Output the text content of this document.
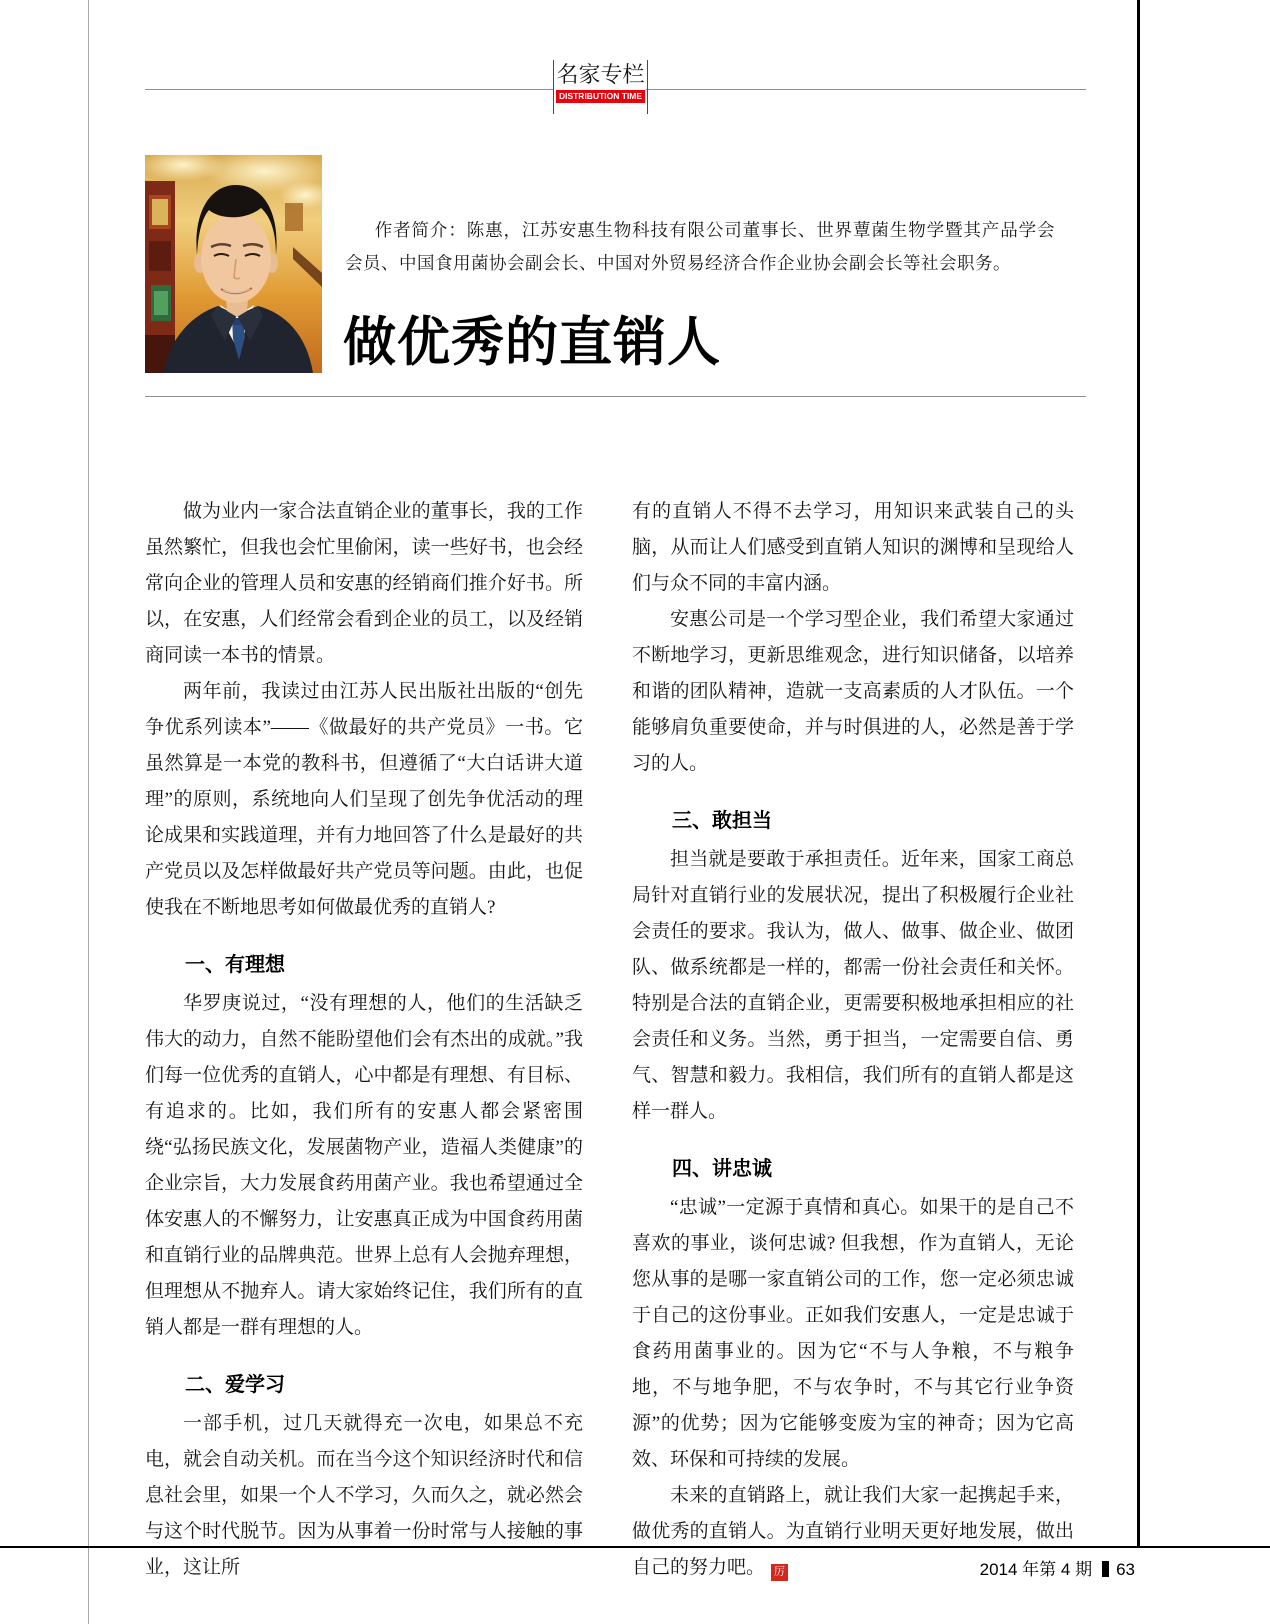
名家专栏
DISTRIBUTION TIME

作者简介：陈惠，江苏安惠生物科技有限公司董事长、世界蕈菌生物学暨其产品学会会员、中国食用菌协会副会长、中国对外贸易经济合作企业协会副会长等社会职务。

做优秀的直销人

做为业内一家合法直销企业的董事长，我的工作虽然繁忙，但我也会忙里偷闲，读一些好书，也会经常向企业的管理人员和安惠的经销商们推介好书。所以，在安惠，人们经常会看到企业的员工，以及经销商同读一本书的情景。

两年前，我读过由江苏人民出版社出版的“创先争优系列读本”——《做最好的共产党员》一书。它虽然算是一本党的教科书，但遵循了“大白话讲大道理”的原则，系统地向人们呈现了创先争优活动的理论成果和实践道理，并有力地回答了什么是最好的共产党员以及怎样做最好共产党员等问题。由此，也促使我在不断地思考如何做最优秀的直销人?

一、有理想

华罗庚说过，“没有理想的人，他们的生活缺乏伟大的动力，自然不能盼望他们会有杰出的成就。”我们每一位优秀的直销人，心中都是有理想、有目标、有追求的。比如，我们所有的安惠人都会紧密围绕“弘扬民族文化，发展菌物产业，造福人类健康”的企业宗旨，大力发展食药用菌产业。我也希望通过全体安惠人的不懈努力，让安惠真正成为中国食药用菌和直销行业的品牌典范。世界上总有人会抛弃理想，但理想从不抛弃人。请大家始终记住，我们所有的直销人都是一群有理想的人。

二、爱学习

一部手机，过几天就得充一次电，如果总不充电，就会自动关机。而在当今这个知识经济时代和信息社会里，如果一个人不学习，久而久之，就必然会与这个时代脱节。因为从事着一份时常与人接触的事业，这让所

有的直销人不得不去学习，用知识来武装自己的头脑，从而让人们感受到直销人知识的渊博和呈现给人们与众不同的丰富内涵。

安惠公司是一个学习型企业，我们希望大家通过不断地学习，更新思维观念，进行知识储备，以培养和谐的团队精神，造就一支高素质的人才队伍。一个能够肩负重要使命，并与时俱进的人，必然是善于学习的人。

三、敢担当

担当就是要敢于承担责任。近年来，国家工商总局针对直销行业的发展状况，提出了积极履行企业社会责任的要求。我认为，做人、做事、做企业、做团队、做系统都是一样的，都需一份社会责任和关怀。特别是合法的直销企业，更需要积极地承担相应的社会责任和义务。当然，勇于担当，一定需要自信、勇气、智慧和毅力。我相信，我们所有的直销人都是这样一群人。

四、讲忠诚

“忠诚”一定源于真情和真心。如果干的是自己不喜欢的事业，谈何忠诚? 但我想，作为直销人，无论您从事的是哪一家直销公司的工作，您一定必须忠诚于自己的这份事业。正如我们安惠人，一定是忠诚于食药用菌事业的。因为它“不与人争粮，不与粮争地，不与地争肥，不与农争时，不与其它行业争资源”的优势；因为它能够变废为宝的神奇；因为它高效、环保和可持续的发展。

未来的直销路上，就让我们大家一起携起手来，做优秀的直销人。为直销行业明天更好地发展，做出自己的努力吧。 厉	2014 年第 4 期 63
